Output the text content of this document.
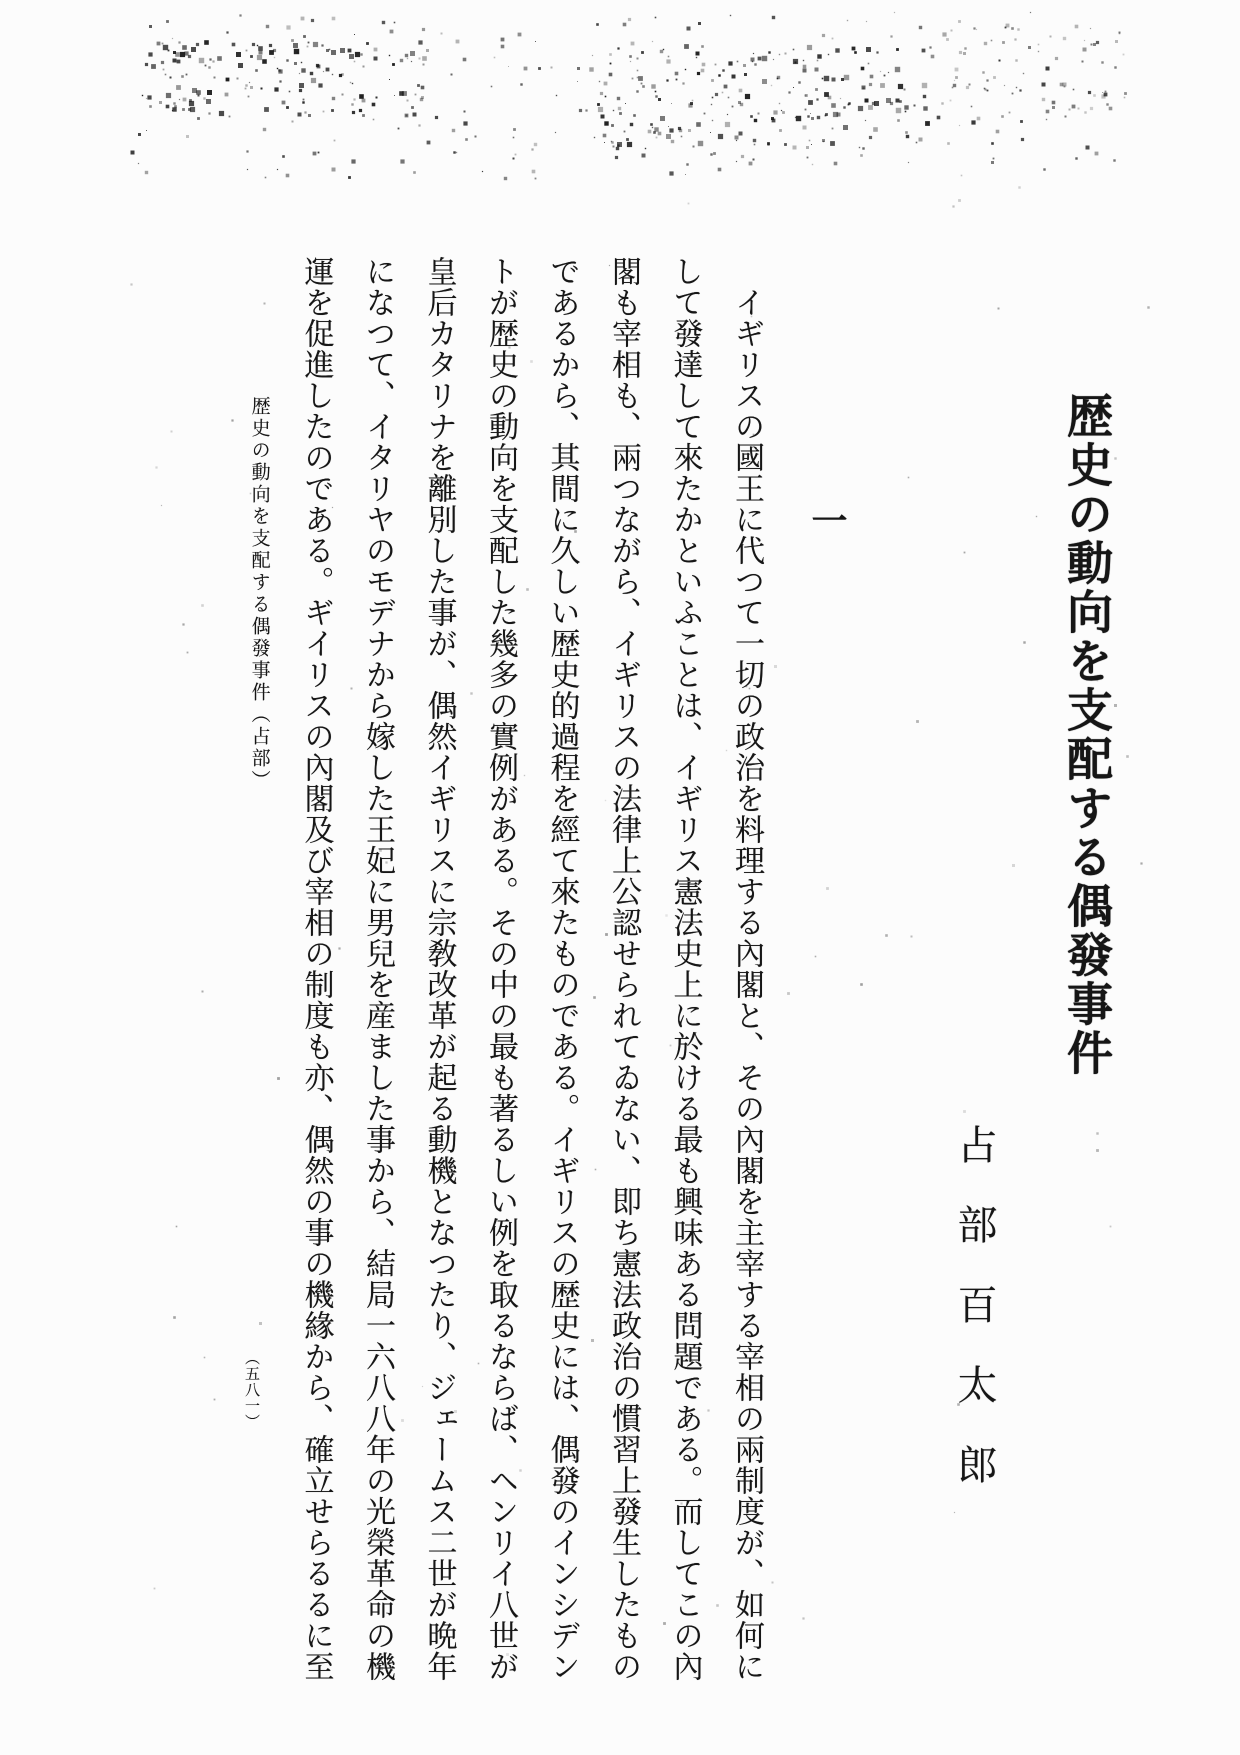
歴史の動向を支配する偶發事件
占部百太郎
一
イギリスの國王に代つて一切の政治を料理する內閣と、その內閣を主宰する宰相の兩制度が、如何に
して發達して來たかといふことは、イギリス憲法史上に於ける最も興味ある問題である。而してこの內
閣も宰相も、兩つながら、イギリスの法律上公認せられてゐない、即ち憲法政治の慣習上發生したもの
であるから、其間に久しい歴史的過程を經て來たものである。イギリスの歴史には、偶發のインシデン
トが歴史の動向を支配した幾多の實例がある。その中の最も著るしい例を取るならば、ヘンリイ八世が
皇后カタリナを離別した事が、偶然イギリスに宗敎改革が起る動機となつたり、ジェームス二世が晩年
になつて、イタリヤのモデナから嫁した王妃に男兒を産ました事から、結局一六八八年の光榮革命の機
運を促進したのである。ギイリスの內閣及び宰相の制度も亦、偶然の事の機緣から、確立せらるるに至
歴史の動向を支配する偶發事件（占部）
（五八一）
